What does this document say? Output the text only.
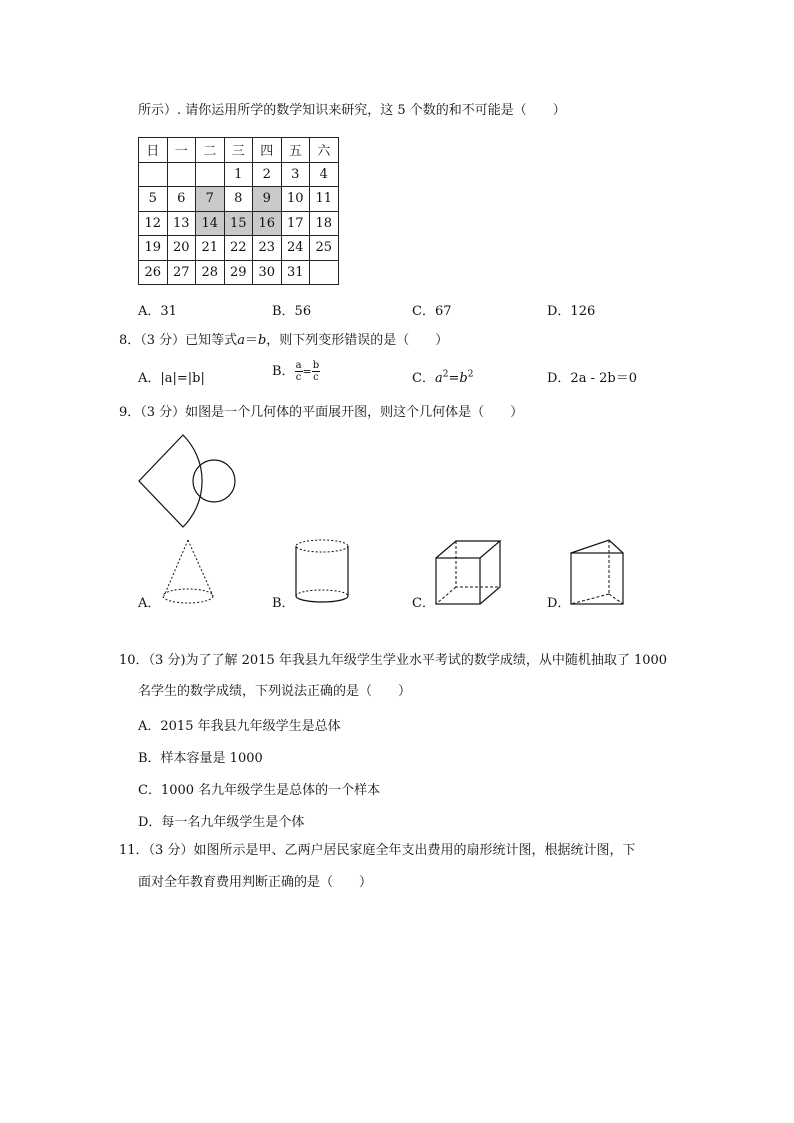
所示）. 请你运用所学的数学知识来研究，这 5 个数的和不可能是（　　）
日	一	二	三	四	五	六
			1	2	3	4
5	6	7	8	9	10	11
12	13	14	15	16	17	18
19	20	21	22	23	24	25
26	27	28	29	30	31	
A．31	B．56	C．67	D．126
8．（3 分）已知等式a＝b，则下列变形错误的是（　　）
A．|a|=|b|	B． $\frac{a}{c} = \frac{b}{c}$	C．$a^2=b^2$	D．2a - 2b＝0
9．（3 分）如图是一个几何体的平面展开图，则这个几何体是（　　）
A．	B．	C．	D．
10．（3 分)为了了解 2015 年我县九年级学生学业水平考试的数学成绩，从中随机抽取了 1000
名学生的数学成绩，下列说法正确的是（　　）
A．2015 年我县九年级学生是总体
B．样本容量是 1000
C．1000 名九年级学生是总体的一个样本
D．每一名九年级学生是个体
11．（3 分）如图所示是甲、乙两户居民家庭全年支出费用的扇形统计图，根据统计图，下
面对全年教育费用判断正确的是（　　）
